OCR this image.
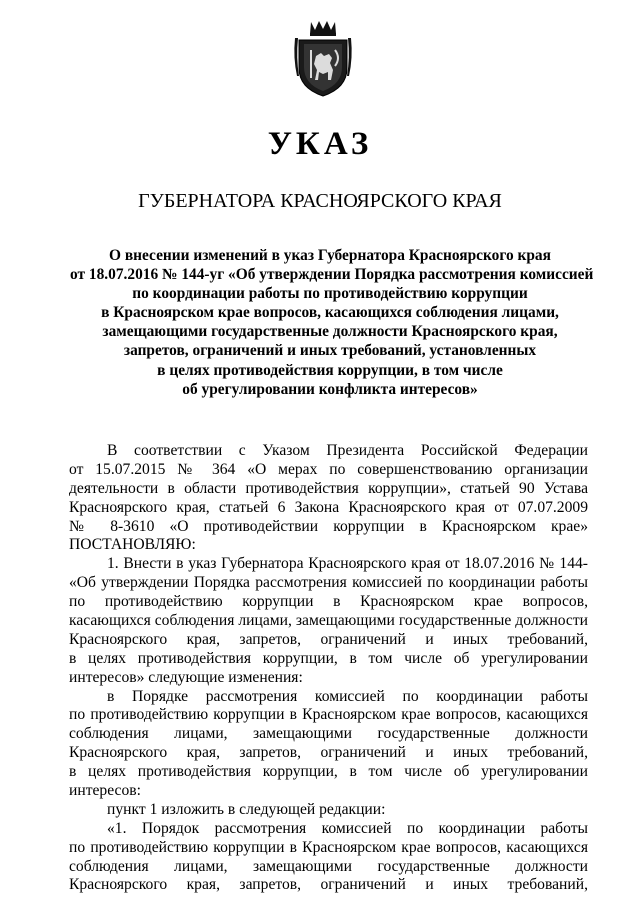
УКАЗ
ГУБЕРНАТОРА КРАСНОЯРСКОГО КРАЯ
О внесении изменений в указ Губернатора Красноярского края
от 18.07.2016 № 144-уг «Об утверждении Порядка рассмотрения комиссией
по координации работы по противодействию коррупции
в Красноярском крае вопросов, касающихся соблюдения лицами,
замещающими государственные должности Красноярского края,
запретов, ограничений и иных требований, установленных
в целях противодействия коррупции, в том числе
об урегулировании конфликта интересов»
В соответствии с Указом Президента Российской Федерации
от 15.07.2015 № 364 «О мерах по совершенствованию организации
деятельности в области противодействия коррупции», статьей 90 Устава
Красноярского края, статьей 6 Закона Красноярского края от 07.07.2009
№ 8-3610 «О противодействии коррупции в Красноярском крае»
ПОСТАНОВЛЯЮ:
1. Внести в указ Губернатора Красноярского края от 18.07.2016 № 144-
«Об утверждении Порядка рассмотрения комиссией по координации работы
по противодействию коррупции в Красноярском крае вопросов,
касающихся соблюдения лицами, замещающими государственные должности
Красноярского края, запретов, ограничений и иных требований,
в целях противодействия коррупции, в том числе об урегулировании
интересов» следующие изменения:
в Порядке рассмотрения комиссией по координации работы
по противодействию коррупции в Красноярском крае вопросов, касающихся
соблюдения лицами, замещающими государственные должности
Красноярского края, запретов, ограничений и иных требований,
в целях противодействия коррупции, в том числе об урегулировании
интересов:
пункт 1 изложить в следующей редакции:
«1. Порядок рассмотрения комиссией по координации работы
по противодействию коррупции в Красноярском крае вопросов, касающихся
соблюдения лицами, замещающими государственные должности
Красноярского края, запретов, ограничений и иных требований,
